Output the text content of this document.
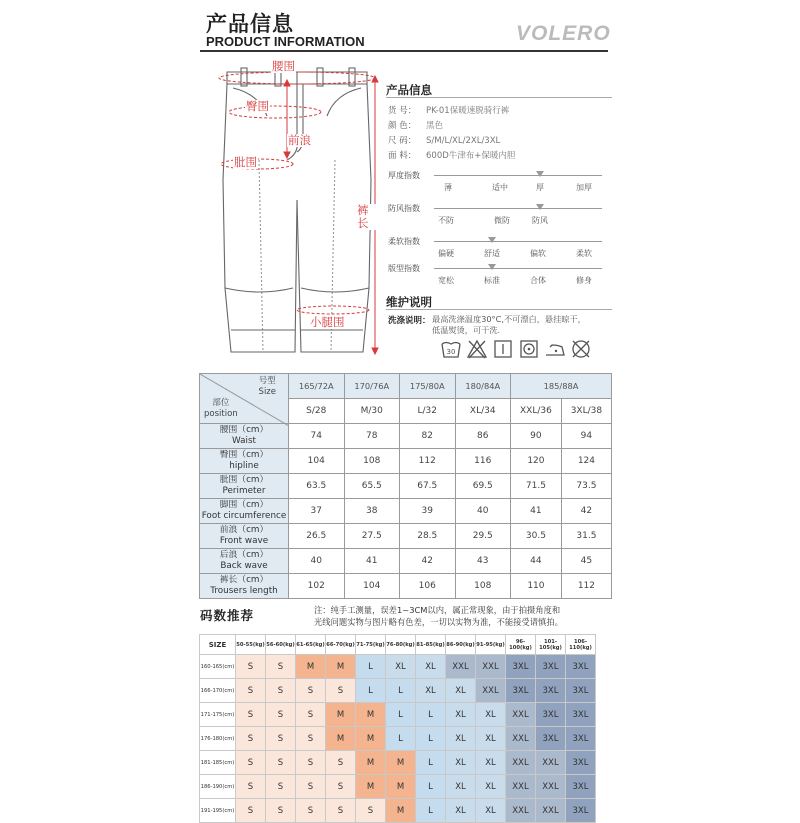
产品信息
PRODUCT INFORMATION	VOLERO
腰围
臀围
前浪
肶围
裤长
小腿围
产品信息
货 号： PK-01保暖速脱骑行裤
颜 色： 黑色
尺 码： S/M/L/XL/2XL/3XL
面 料： 600D牛津布+保暖内胆
厚度指数
薄	适中	厚	加厚
防风指数
不防	微防	防风
柔软指数
偏硬	舒适	偏软	柔软
版型指数
宽松	标准	合体	修身
维护说明
洗涤说明： 最高洗涤温度30°C,不可漂白，悬挂晾干，
低温熨烫，可干洗.
30
号型
Size
部位
position	165/72A	170/76A	175/80A	180/84A	185/88A	
	S/28	M/30	L/32	XL/34	XXL/36	3XL/38

腰围（cm）
Waist	74	78	82	86	90	94

臀围（cm）
hipline	104	108	112	116	120	124

肶围（cm）
Perimeter	63.5	65.5	67.5	69.5	71.5	73.5

脚围（cm）
Foot circumference	37	38	39	40	41	42

前浪（cm）
Front wave	26.5	27.5	28.5	29.5	30.5	31.5

后浪（cm）
Back wave	40	41	42	43	44	45

裤长（cm）
Trousers length	102	104	106	108	110	112
码数推荐	注：纯手工测量，误差1~3CM以内，属正常现象，由于拍摄角度和
光线问题实物与图片略有色差，一切以实物为准，不能接受请慎拍。
SIZE	50-55(kg)	56-60(kg)	61-65(kg)	66-70(kg)	71-75(kg)	76-80(kg)	81-85(kg)	86-90(kg)	91-95(kg)	96-100(kg)	101-105(kg)	106-110(kg)
160-165(cm)	S	S	M	M	L	XL	XL	XXL	XXL	3XL	3XL	3XL
166-170(cm)	S	S	S	S	L	L	XL	XL	XXL	3XL	3XL	3XL
171-175(cm)	S	S	S	M	M	L	L	XL	XL	XXL	3XL	3XL
176-180(cm)	S	S	S	M	M	L	L	XL	XL	XXL	3XL	3XL
181-185(cm)	S	S	S	S	M	M	L	XL	XL	XXL	XXL	3XL
186-190(cm)	S	S	S	S	M	M	L	XL	XL	XXL	XXL	3XL
191-195(cm)	S	S	S	S	S	M	L	XL	XL	XXL	XXL	3XL
